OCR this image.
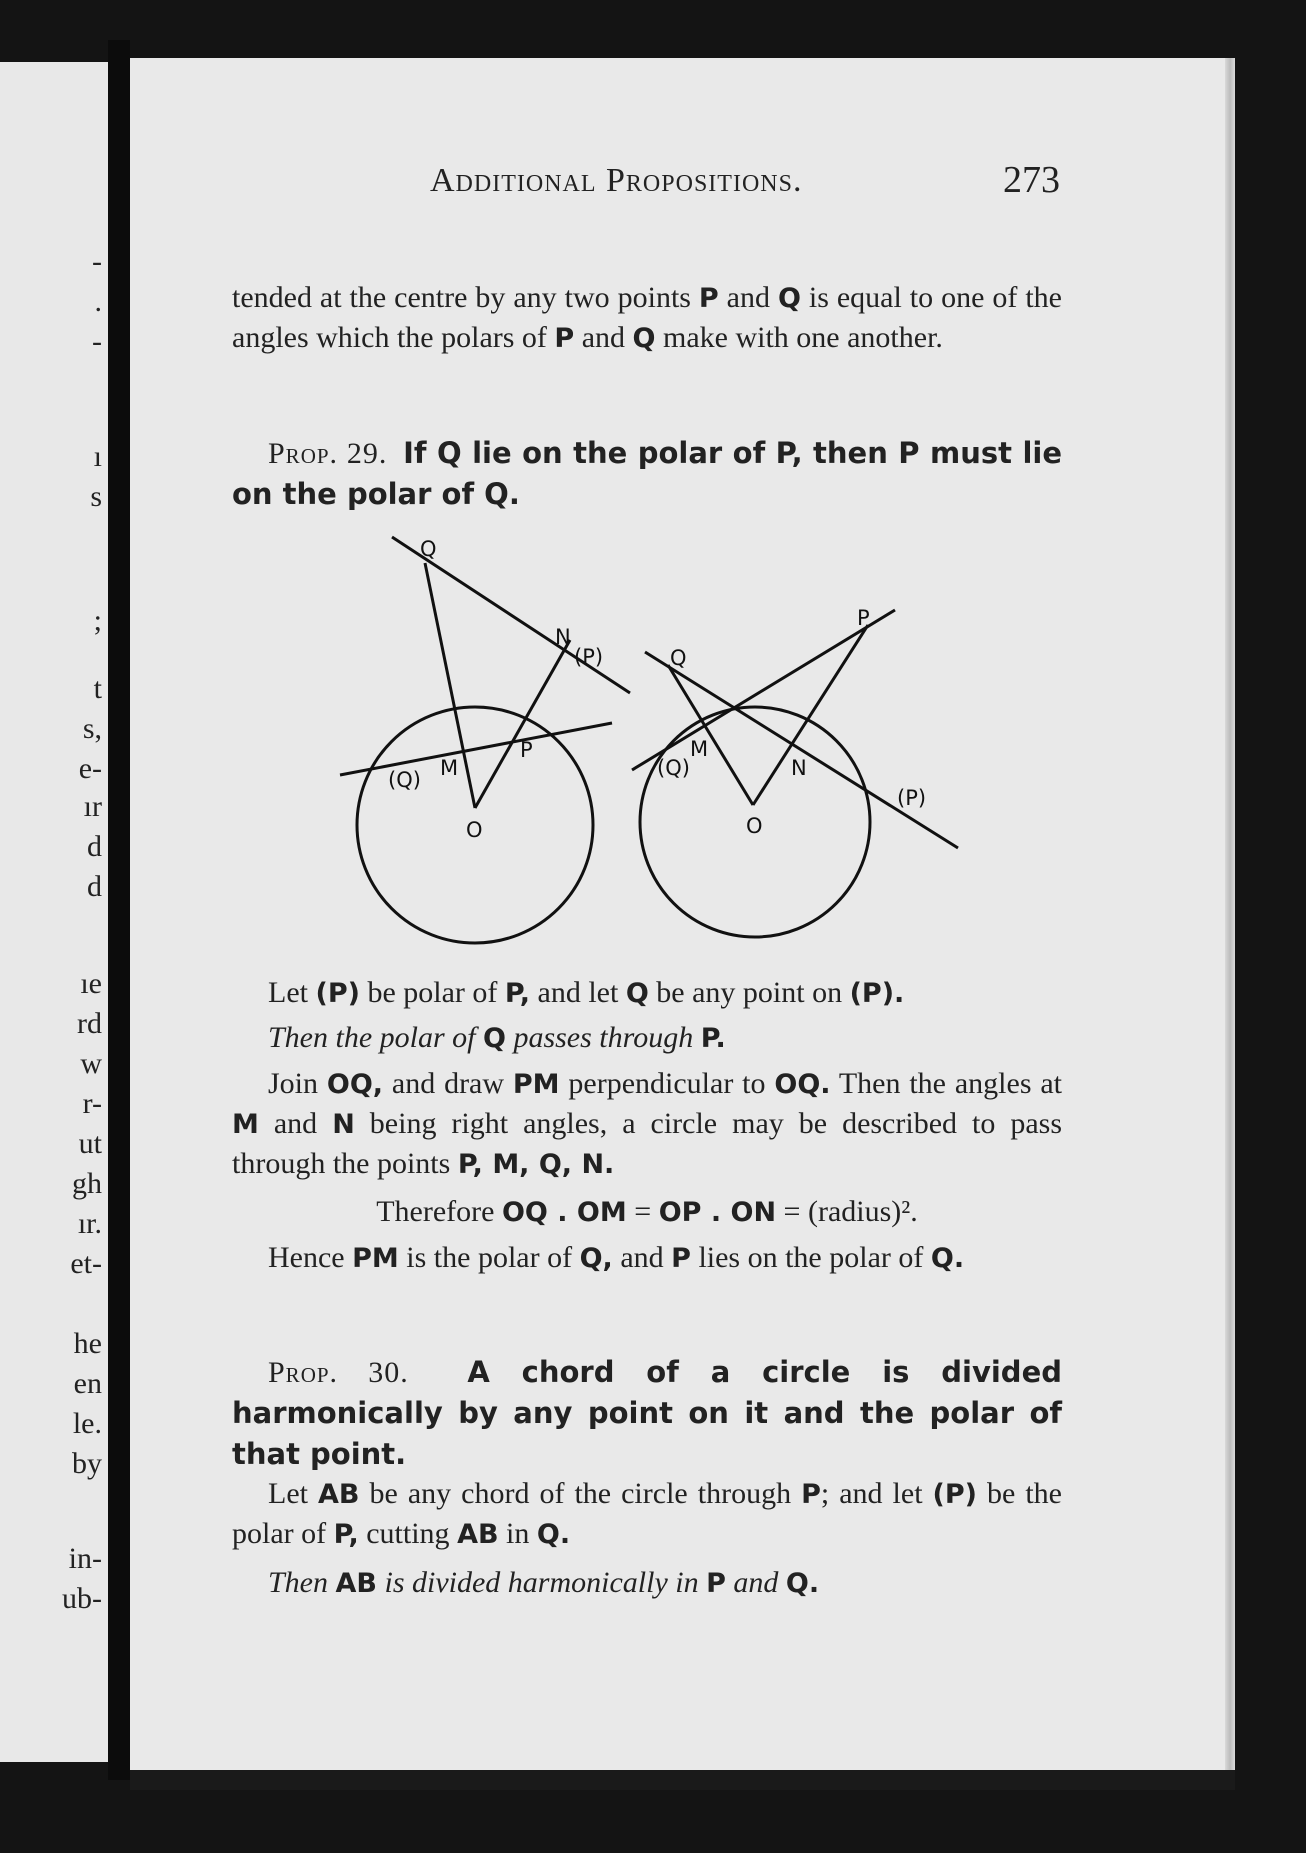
-
.
-
ı
s
;
t
s,
e-
ır
d
d
ıe
rd
w
r-
ut
gh
ır.
et-
he
en
le.
by
in-
ub-
Additional Propositions.	273
tended at the centre by any two points P and Q is equal to one of the angles which the polars of P and Q make with one another.
Prop. 29. If Q lie on the polar of P, then P must lie on the polar of Q.
Q
N
(P)
(Q) M
P
O
P
Q
(Q)
M
N
O
(P)
Let (P) be polar of P, and let Q be any point on (P).
Then the polar of Q passes through P.
Join OQ, and draw PM perpendicular to OQ. Then the angles at M and N being right angles, a circle may be described to pass through the points P, M, Q, N.
Therefore OQ . OM = OP . ON = (radius)².
Hence PM is the polar of Q, and P lies on the polar of Q.
Prop. 30. A chord of a circle is divided harmonically by any point on it and the polar of that point.
Let AB be any chord of the circle through P; and let (P) be the polar of P, cutting AB in Q.
Then AB is divided harmonically in P and Q.
